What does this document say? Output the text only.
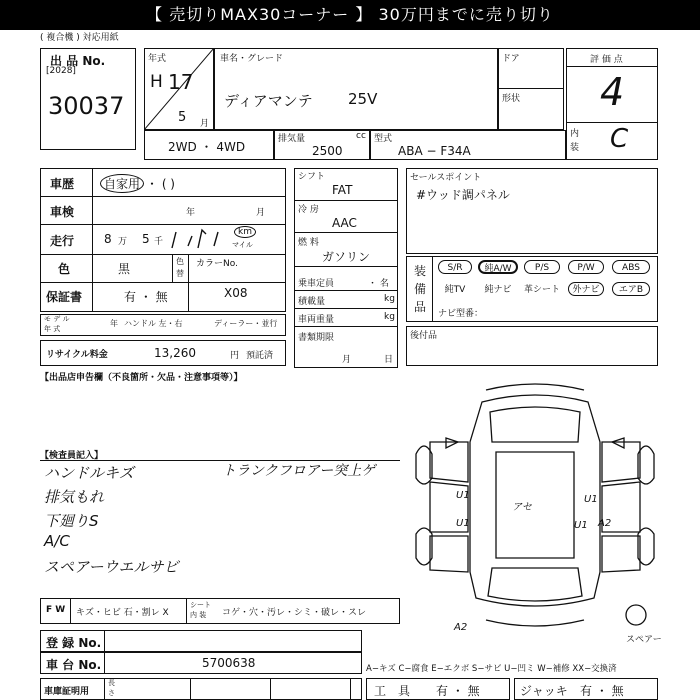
【 売切りMAX30コーナー 】 30万円までに売り切り
( 複合機 ) 対応用紙
出 品 No.
[2028]
30037
年式
H 17
5 月
車名・グレード
ディアマンテ 25V
ドア
形状
評 価 点
4
内
装 C
2WD ・ 4WD
排気量	cc
2500
型式
ABA − F34A
車歴	自家用 ・ ( )
車検	年	月
走行 8 万 5 千
km
マイル
色	黒
色
替
カラーNo.
保証書	有 ・ 無	X08
モ デ ル
年 式
年 ハンドル 左・右	ディーラー・並行
リサイクル料金	13,260	円 預託済
シフト
FAT
冷 房
AAC
燃 料
ガソリン
乗車定員	・ 名
積載量	kg
車両重量	kg
書類期限
月	日
セールスポイント
#ウッド調パネル
装
備
品
S/R	純A/W	P/S	P/W	ABS
純TV	純ナビ	革シート	外ナビ	エアB
ナビ型番：
後付品
【出品店申告欄（不良箇所・欠品・注意事項等）】
【検査員記入】
ハンドルキズ	トランクフロアー突上ゲ
排気もれ
下廻りS
A/C
スペアーウエルサビ
U1
U1
U1
U1
アセ
A2
A2
スペアー
F W キズ・ヒビ 石・割レ X
シート
内 装 コゲ・穴・汚レ・シミ・破レ・スレ
登 録 No.
車 台 No.	5700638
車庫証明用
長
さ
A−キズ C−腐食 E−エクボ S−サビ U−凹ミ W−補修 XX−交換済
工　具 有 ・ 無	ジャッキ 有 ・ 無
